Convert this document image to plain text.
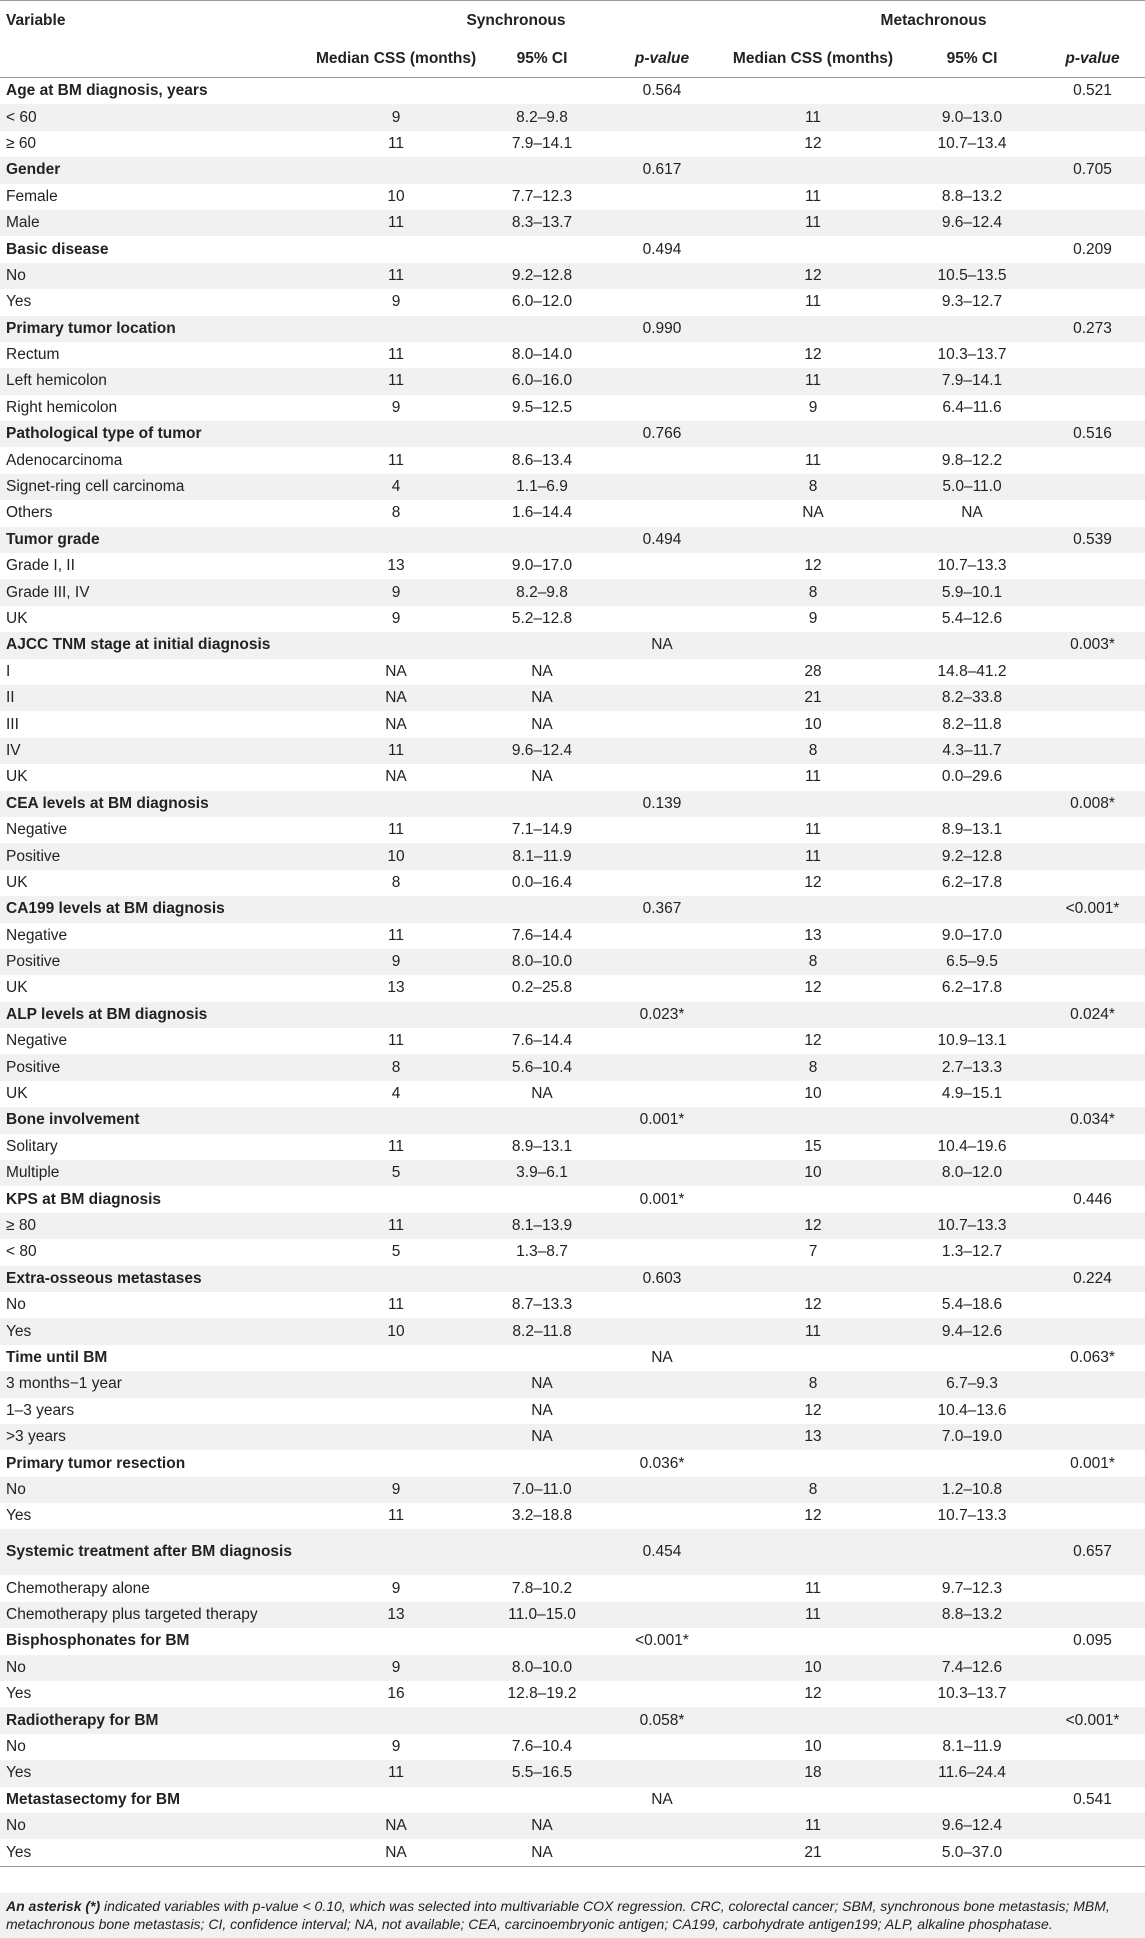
Variable	Synchronous			Metachronous		
	Median CSS (months)	95% CI	p-value	Median CSS (months)	95% CI	p-value
Age at BM diagnosis, years			0.564			0.521
< 60	9	8.2–9.8		11	9.0–13.0	
≥ 60	11	7.9–14.1		12	10.7–13.4	
Gender			0.617			0.705
Female	10	7.7–12.3		11	8.8–13.2	
Male	11	8.3–13.7		11	9.6–12.4	
Basic disease			0.494			0.209
No	11	9.2–12.8		12	10.5–13.5	
Yes	9	6.0–12.0		11	9.3–12.7	
Primary tumor location			0.990			0.273
Rectum	11	8.0–14.0		12	10.3–13.7	
Left hemicolon	11	6.0–16.0		11	7.9–14.1	
Right hemicolon	9	9.5–12.5		9	6.4–11.6	
Pathological type of tumor			0.766			0.516
Adenocarcinoma	11	8.6–13.4		11	9.8–12.2	
Signet-ring cell carcinoma	4	1.1–6.9		8	5.0–11.0	
Others	8	1.6–14.4		NA	NA	
Tumor grade			0.494			0.539
Grade I, II	13	9.0–17.0		12	10.7–13.3	
Grade III, IV	9	8.2–9.8		8	5.9–10.1	
UK	9	5.2–12.8		9	5.4–12.6	
AJCC TNM stage at initial diagnosis			NA			0.003*
I	NA	NA		28	14.8–41.2	
II	NA	NA		21	8.2–33.8	
III	NA	NA		10	8.2–11.8	
IV	11	9.6–12.4		8	4.3–11.7	
UK	NA	NA		11	0.0–29.6	
CEA levels at BM diagnosis			0.139			0.008*
Negative	11	7.1–14.9		11	8.9–13.1	
Positive	10	8.1–11.9		11	9.2–12.8	
UK	8	0.0–16.4		12	6.2–17.8	
CA199 levels at BM diagnosis			0.367			<0.001*
Negative	11	7.6–14.4		13	9.0–17.0	
Positive	9	8.0–10.0		8	6.5–9.5	
UK	13	0.2–25.8		12	6.2–17.8	
ALP levels at BM diagnosis			0.023*			0.024*
Negative	11	7.6–14.4		12	10.9–13.1	
Positive	8	5.6–10.4		8	2.7–13.3	
UK	4	NA		10	4.9–15.1	
Bone involvement			0.001*			0.034*
Solitary	11	8.9–13.1		15	10.4–19.6	
Multiple	5	3.9–6.1		10	8.0–12.0	
KPS at BM diagnosis			0.001*			0.446
≥ 80	11	8.1–13.9		12	10.7–13.3	
< 80	5	1.3–8.7		7	1.3–12.7	
Extra-osseous metastases			0.603			0.224
No	11	8.7–13.3		12	5.4–18.6	
Yes	10	8.2–11.8		11	9.4–12.6	
Time until BM			NA			0.063*
3 months−1 year		NA		8	6.7–9.3	
1–3 years		NA		12	10.4–13.6	
>3 years		NA		13	7.0–19.0	
Primary tumor resection			0.036*			0.001*
No	9	7.0–11.0		8	1.2–10.8	
Yes	11	3.2–18.8		12	10.7–13.3	
Systemic treatment after BM diagnosis			0.454			0.657
Chemotherapy alone	9	7.8–10.2		11	9.7–12.3	
Chemotherapy plus targeted therapy	13	11.0–15.0		11	8.8–13.2	
Bisphosphonates for BM			<0.001*			0.095
No	9	8.0–10.0		10	7.4–12.6	
Yes	16	12.8–19.2		12	10.3–13.7	
Radiotherapy for BM			0.058*			<0.001*
No	9	7.6–10.4		10	8.1–11.9	
Yes	11	5.5–16.5		18	11.6–24.4	
Metastasectomy for BM			NA			0.541
No	NA	NA		11	9.6–12.4	
Yes	NA	NA		21	5.0–37.0	
An asterisk (*) indicated variables with p-value < 0.10, which was selected into multivariable COX regression. CRC, colorectal cancer; SBM, synchronous bone metastasis; MBM,
metachronous bone metastasis; CI, confidence interval; NA, not available; CEA, carcinoembryonic antigen; CA199, carbohydrate antigen199; ALP, alkaline phosphatase.
